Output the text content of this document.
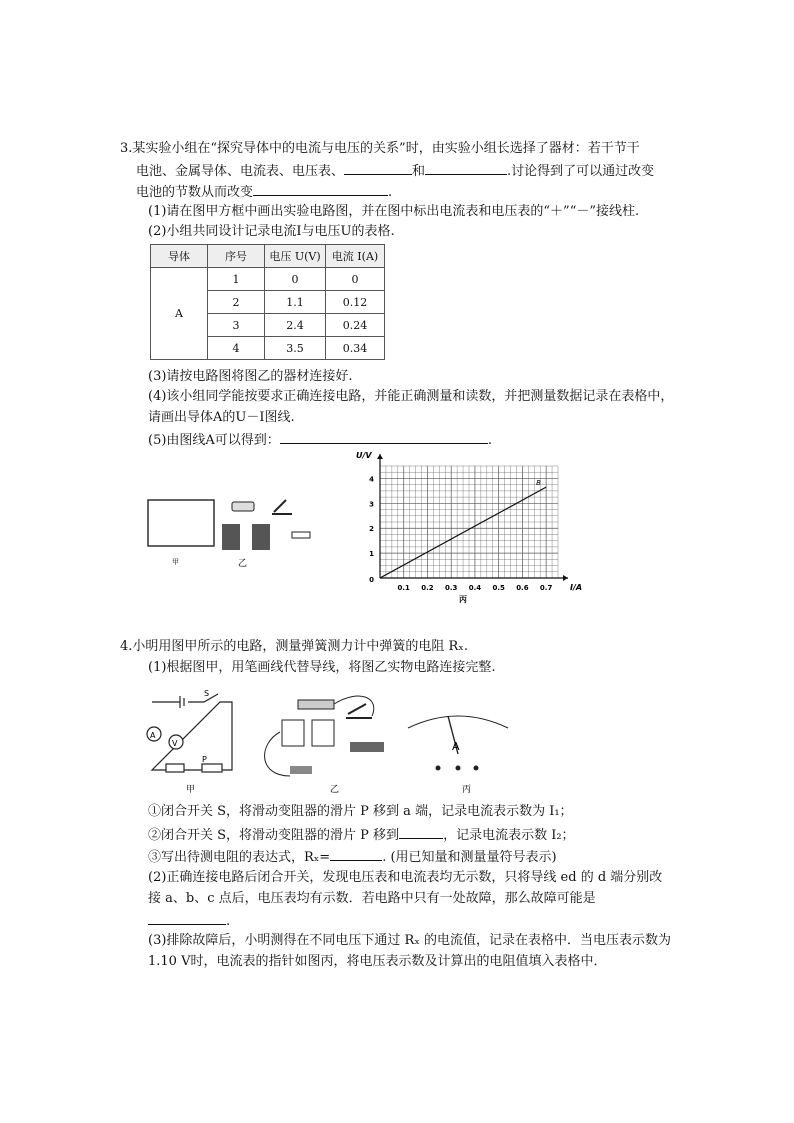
3.某实验小组在“探究导体中的电流与电压的关系”时，由实验小组长选择了器材：若干节干
电池、金属导体、电流表、电压表、	和	.讨论得到了可以通过改变
电池的节数从而改变	.
(1)请在图甲方框中画出实验电路图，并在图中标出电流表和电压表的“＋”“－”接线柱.
(2)小组共同设计记录电流I与电压U的表格.
导体	序号	电压 U(V)	电流 I(A)
A	1	0	0
	2	1.1	0.12
	3	2.4	0.24
	4	3.5	0.34
(3)请按电路图将图乙的器材连接好.
(4)该小组同学能按要求正确连接电路，并能正确测量和读数，并把测量数据记录在表格中，
请画出导体A的U－I图线.
(5)由图线A可以得到：	.
甲	乙
0.1 0.2 0.3 0.4 0.5 0.6 0.7
1
2
3
4
0
I/A
U/V
丙
B
4.小明用图甲所示的电路，测量弹簧测力计中弹簧的电阻 Rₓ.
(1)根据图甲，用笔画线代替导线，将图乙实物电路连接完整.
A
V
S
P
甲	乙
A
丙
①闭合开关 S，将滑动变阻器的滑片 P 移到 a 端，记录电流表示数为 I₁；
②闭合开关 S，将滑动变阻器的滑片 P 移到	，记录电流表示数 I₂；
③写出待测电阻的表达式，Rₓ=	. (用已知量和测量量符号表示)
(2)正确连接电路后闭合开关，发现电压表和电流表均无示数，只将导线 ed 的 d 端分别改
接 a、b、c 点后，电压表均有示数．若电路中只有一处故障，那么故障可能是
.
(3)排除故障后，小明测得在不同电压下通过 Rₓ 的电流值，记录在表格中．当电压表示数为
1.10 V时，电流表的指针如图丙，将电压表示数及计算出的电阻值填入表格中．
